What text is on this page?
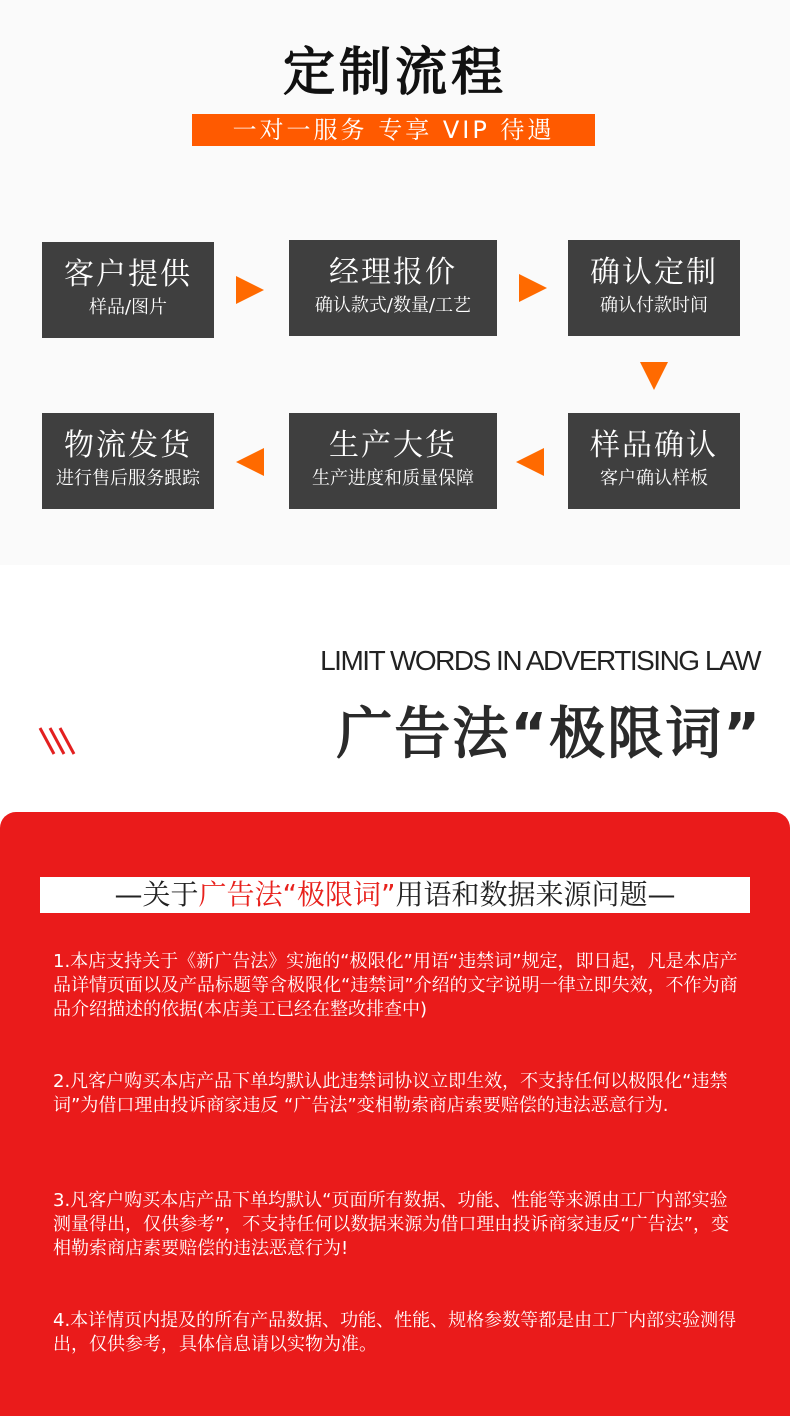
定制流程
一对一服务 专享 VIP 待遇
客户提供
样品/图片
经理报价
确认款式/数量/工艺
确认定制
确认付款时间
物流发货
进行售后服务跟踪
生产大货
生产进度和质量保障
样品确认
客户确认样板
LIMIT WORDS IN ADVERTISING LAW
广告法“极限词”
—关于广告法“极限词”用语和数据来源问题—

1.本店支持关于《新广告法》实施的“极限化”用语“违禁词”规定，即日起，凡是本店产品详情页面以及产品标题等含极限化“违禁词”介绍的文字说明一律立即失效，不作为商品介绍描述的依据(本店美工已经在整改排查中)

2.凡客户购买本店产品下单均默认此违禁词协议立即生效，不支持任何以极限化“违禁词”为借口理由投诉商家违反 “广告法”变相勒索商店索要赔偿的违法恶意行为.

3.凡客户购买本店产品下单均默认“页面所有数据、功能、性能等来源由工厂内部实验测量得出，仅供参考”，不支持任何以数据来源为借口理由投诉商家违反“广告法”，变相勒索商店素要赔偿的违法恶意行为!

4.本详情页内提及的所有产品数据、功能、性能、规格参数等都是由工厂内部实验测得出，仅供参考，具体信息请以实物为准。
